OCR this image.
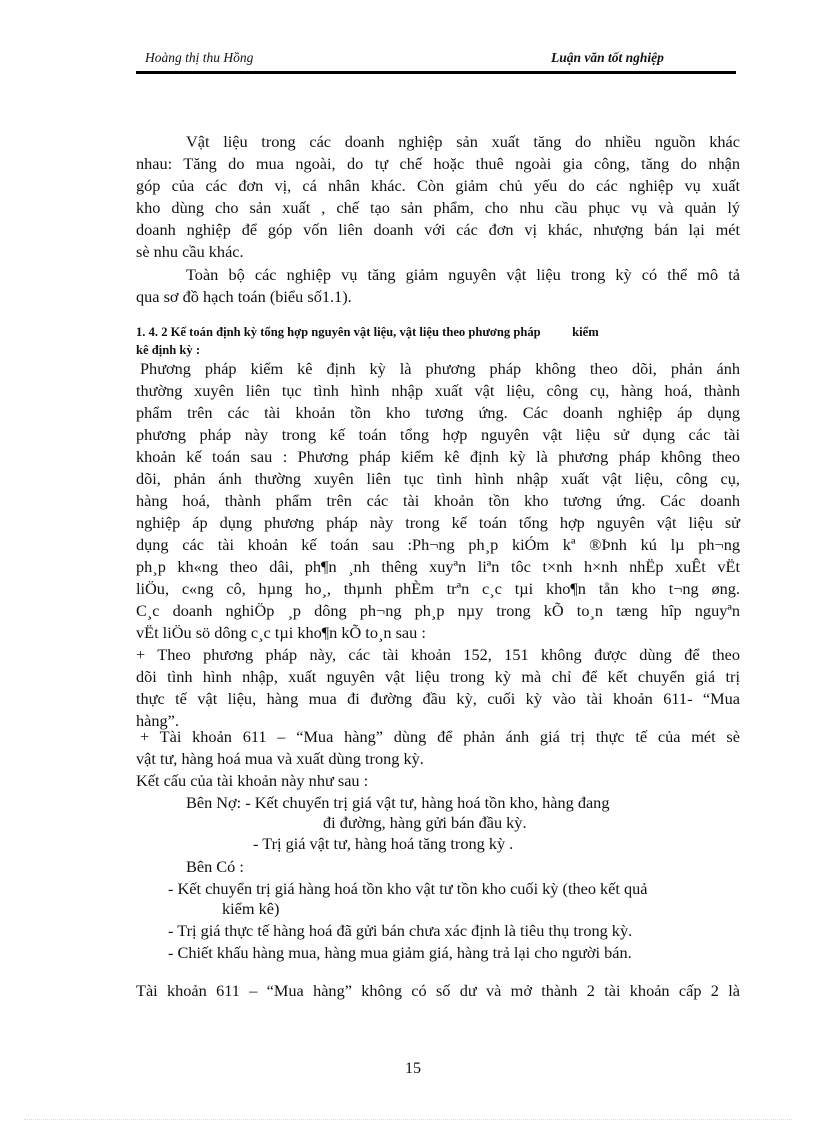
Hoàng thị thu Hồng	Luận văn tốt nghiệp

Vật liệu trong các doanh nghiệp sản xuất tăng do nhiều nguồn khác

nhau: Tăng do mua ngoài, do tự chế hoặc thuê ngoài gia công, tăng do nhận

góp của các đơn vị, cá nhân khác. Còn giảm chủ yếu do các nghiệp vụ xuất

kho dùng cho sản xuất , chế tạo sản phẩm, cho nhu cầu phục vụ và quản lý

doanh nghiệp để góp vốn liên doanh với các đơn vị khác, nhượng bán lại mét

sè nhu cầu khác.

Toàn bộ các nghiệp vụ tăng giảm nguyên vật liệu trong kỳ có thể mô tả

qua sơ đồ hạch toán (biểu số1.1).

1. 4. 2 Kế toán định kỳ tổng hợp nguyên vật liệu, vật liệu theo phương pháp          kiểm

kê định kỳ :

Phương pháp kiểm kê định kỳ là phương pháp không theo dõi, phản ánh

thường xuyên liên tục tình hình nhập xuất vật liệu, công cụ, hàng hoá, thành

phẩm trên các tài khoản tồn kho tương ứng. Các doanh nghiệp áp dụng

phương pháp này trong kế toán tổng hợp nguyên vật liệu sử dụng các tài

khoản kế toán sau : Phương pháp kiểm kê định kỳ là phương pháp không theo

dõi, phản ánh thường xuyên liên tục tình hình nhập xuất vật liệu, công cụ,

hàng hoá, thành phẩm trên các tài khoản tồn kho tương ứng. Các doanh

nghiệp áp dụng phương pháp này trong kế toán tổng hợp nguyên vật liệu sử

dụng các tài khoản kế toán sau :Ph¬ng ph¸p kiÓm kª ®Þnh kú lµ ph¬ng

ph¸p kh«ng theo dâi, ph¶n ¸nh thêng xuyªn liªn tôc t×nh h×nh nhËp xuÊt vËt

liÖu, c«ng cô, hµng ho¸, thµnh phÈm trªn c¸c tµi kho¶n tån kho t¬ng øng.

C¸c doanh nghiÖp ¸p dông ph¬ng ph¸p nµy trong kÕ to¸n tæng hîp nguyªn

vËt liÖu sö dông c¸c tµi kho¶n kÕ to¸n sau :

+ Theo phương pháp này, các tài khoản 152, 151 không được dùng để theo

dõi tình hình nhập, xuất nguyên vật liệu trong kỳ mà chỉ để kết chuyển giá trị

thực tế vật liệu, hàng mua đi đường đầu kỳ, cuối kỳ vào tài khoản 611- “Mua

hàng”.

+ Tài khoản 611 – “Mua hàng” dùng để phản ánh giá trị thực tế của mét sè

vật tư, hàng hoá mua và xuất dùng trong kỳ.

Kết cấu của tài khoản này như sau :

Bên Nợ: - Kết chuyển trị giá vật tư, hàng hoá tồn kho, hàng đang

đi đường, hàng gửi bán đầu kỳ.

- Trị giá vật tư, hàng hoá tăng trong kỳ .

Bên Có :

- Kết chuyển trị giá hàng hoá tồn kho vật tư tồn kho cuối kỳ (theo kết quả

kiểm kê)

- Trị giá thực tế hàng hoá đã gửi bán chưa xác định là tiêu thụ trong kỳ.

- Chiết khấu hàng mua, hàng mua giảm giá, hàng trả lại cho người bán.

Tài khoản 611 – “Mua hàng” không có số dư và mở thành 2 tài khoản cấp 2 là

15
